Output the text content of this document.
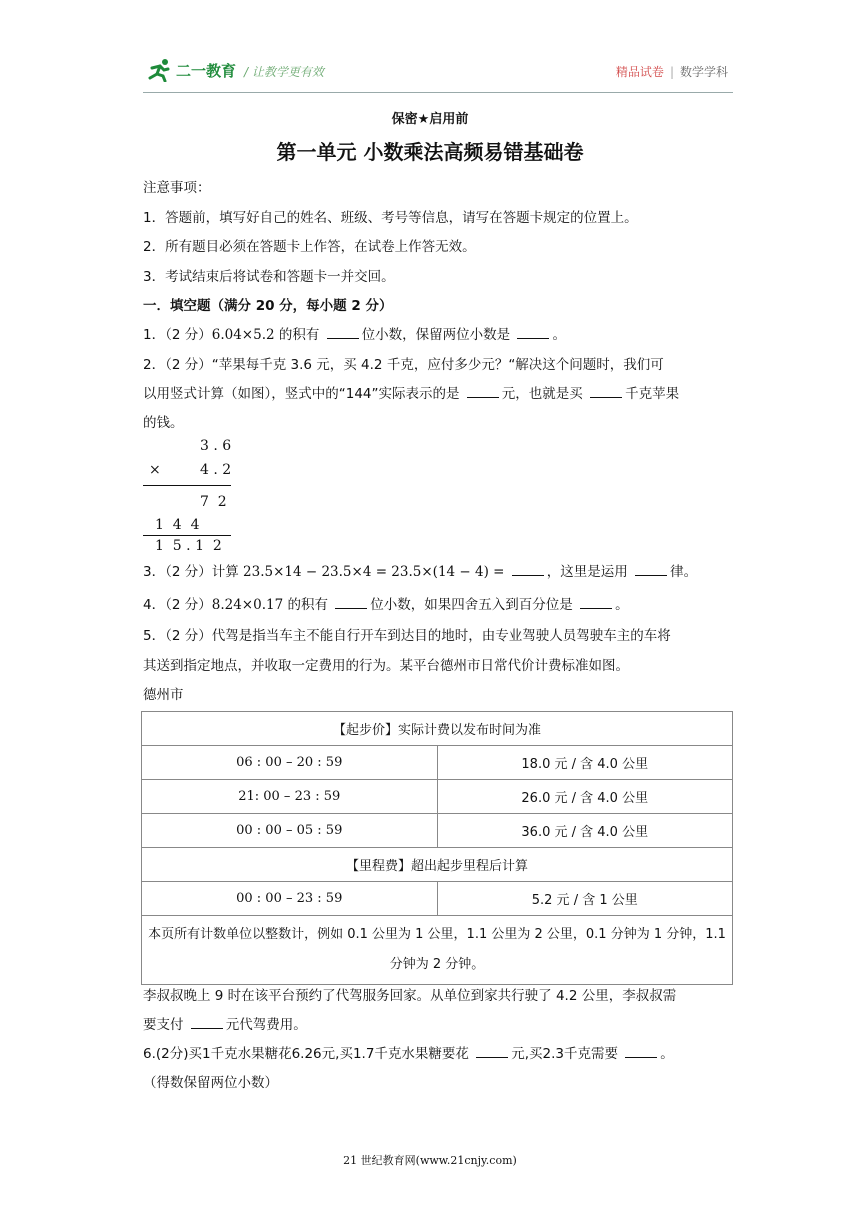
二一教育 / 让教学更有效	精品试卷 | 数学学科
保密★启用前
第一单元 小数乘法高频易错基础卷
注意事项：
1．答题前，填写好自己的姓名、班级、考号等信息，请写在答题卡规定的位置上。
2．所有题目必须在答题卡上作答，在试卷上作答无效。
3．考试结束后将试卷和答题卡一并交回。
一．填空题（满分 20 分，每小题 2 分）
1．（2 分）6.04×5.2 的积有	位小数，保留两位小数是	。
2．（2 分）“苹果每千克 3.6 元，买 4.2 千克，应付多少元？“解决这个问题时，我们可
以用竖式计算（如图），竖式中的“144”实际表示的是	元，也就是买	千克苹果
的钱。
3 . 6
×	4 . 2
7  2
1  4  4
1  5 . 1  2
3．（2 分）计算 23.5×14 − 23.5×4 = 23.5×(14 − 4) =	，这里是运用	律。
4．（2 分）8.24×0.17 的积有	位小数，如果四舍五入到百分位是	。
5．（2 分）代驾是指当车主不能自行开车到达目的地时，由专业驾驶人员驾驶车主的车将
其送到指定地点，并收取一定费用的行为。某平台德州市日常代价计费标准如图。
德州市
【起步价】实际计费以发布时间为准	
06 : 00 – 20 : 59	18.0 元 / 含 4.0 公里
21: 00 – 23 : 59	26.0 元 / 含 4.0 公里
00 : 00 – 05 : 59	36.0 元 / 含 4.0 公里
【里程费】超出起步里程后计算	
00 : 00 – 23 : 59	5.2 元 / 含 1 公里
本页所有计数单位以整数计，例如 0.1 公里为 1 公里，1.1 公里为 2 公里，0.1 分钟为 1 分钟，1.1 分钟为 2 分钟。	
李叔叔晚上 9 时在该平台预约了代驾服务回家。从单位到家共行驶了 4.2 公里，李叔叔需
要支付	元代驾费用。
6.(2分)买1千克水果糖花6.26元,买1.7千克水果糖要花	元,买2.3千克需要	。
（得数保留两位小数）
21 世纪教育网(www.21cnjy.com)
